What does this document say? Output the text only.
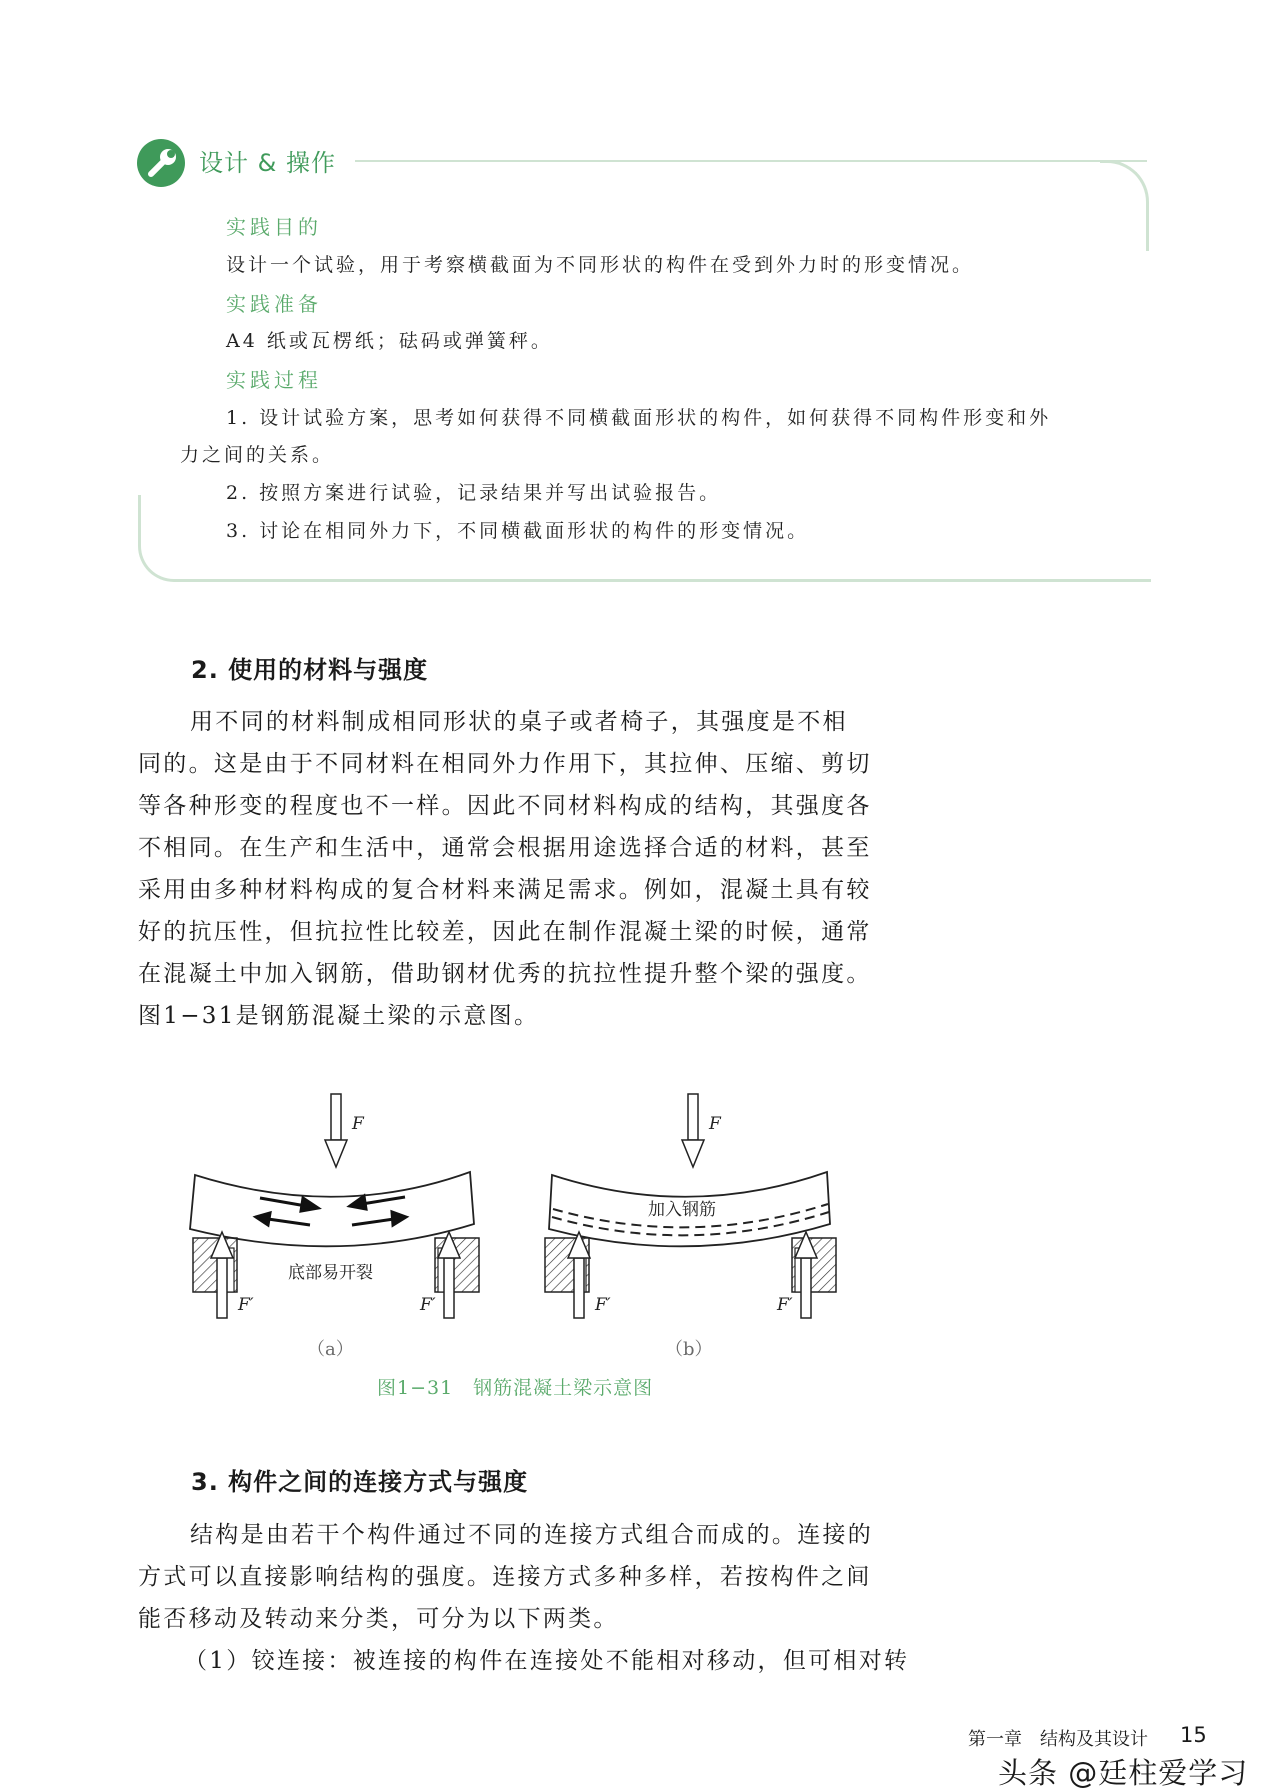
设计 & 操作
实践目的
设计一个试验，用于考察横截面为不同形状的构件在受到外力时的形变情况。
实践准备
A4 纸或瓦楞纸；砝码或弹簧秤。
实践过程
1. 设计试验方案，思考如何获得不同横截面形状的构件，如何获得不同构件形变和外
力之间的关系。
2. 按照方案进行试验，记录结果并写出试验报告。
3. 讨论在相同外力下，不同横截面形状的构件的形变情况。
2. 使用的材料与强度
用不同的材料制成相同形状的桌子或者椅子，其强度是不相
同的。这是由于不同材料在相同外力作用下，其拉伸、压缩、剪切
等各种形变的程度也不一样。因此不同材料构成的结构，其强度各
不相同。在生产和生活中，通常会根据用途选择合适的材料，甚至
采用由多种材料构成的复合材料来满足需求。例如，混凝土具有较
好的抗压性，但抗拉性比较差，因此在制作混凝土梁的时候，通常
在混凝土中加入钢筋，借助钢材优秀的抗拉性提升整个梁的强度。
图1−31是钢筋混凝土梁的示意图。
F
F′	F′
底部易开裂
F
加入钢筋
F′	F′
（a）	（b）
图1−31　钢筋混凝土梁示意图
3. 构件之间的连接方式与强度
结构是由若干个构件通过不同的连接方式组合而成的。连接的
方式可以直接影响结构的强度。连接方式多种多样，若按构件之间
能否移动及转动来分类，可分为以下两类。
（1）铰连接：被连接的构件在连接处不能相对移动，但可相对转
第一章　结构及其设计 15
头条 @廷柱爱学习
